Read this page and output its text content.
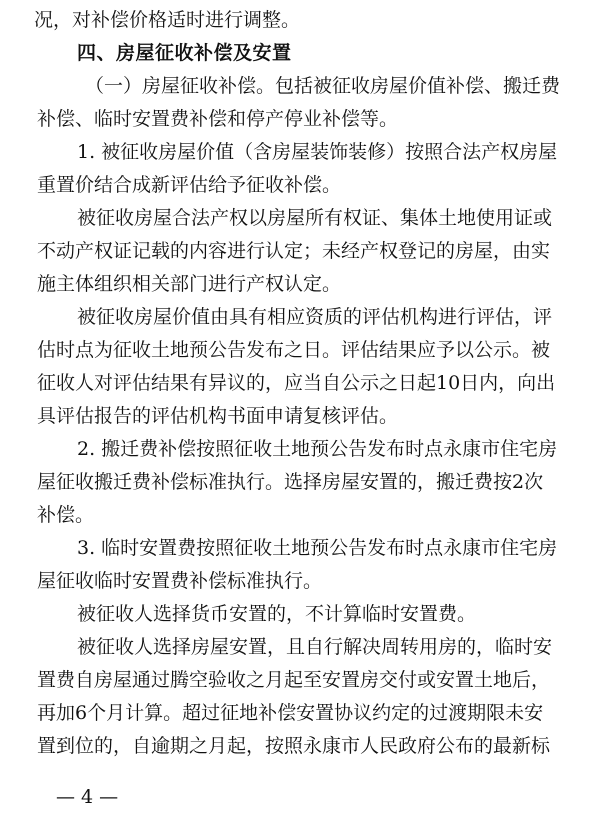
况，对补偿价格适时进行调整。
四、房屋征收补偿及安置
（一）房屋征收补偿。包括被征收房屋价值补偿、搬迁费
补偿、临时安置费补偿和停产停业补偿等。
1. 被征收房屋价值（含房屋装饰装修）按照合法产权房屋
重置价结合成新评估给予征收补偿。
被征收房屋合法产权以房屋所有权证、集体土地使用证或
不动产权证记载的内容进行认定；未经产权登记的房屋，由实
施主体组织相关部门进行产权认定。
被征收房屋价值由具有相应资质的评估机构进行评估，评
估时点为征收土地预公告发布之日。评估结果应予以公示。被
征收人对评估结果有异议的，应当自公示之日起10日内，向出
具评估报告的评估机构书面申请复核评估。
2. 搬迁费补偿按照征收土地预公告发布时点永康市住宅房
屋征收搬迁费补偿标准执行。选择房屋安置的，搬迁费按2次
补偿。
3. 临时安置费按照征收土地预公告发布时点永康市住宅房
屋征收临时安置费补偿标准执行。
被征收人选择货币安置的，不计算临时安置费。
被征收人选择房屋安置，且自行解决周转用房的，临时安
置费自房屋通过腾空验收之月起至安置房交付或安置土地后，
再加6个月计算。超过征地补偿安置协议约定的过渡期限未安
置到位的，自逾期之月起，按照永康市人民政府公布的最新标
— 4 —
